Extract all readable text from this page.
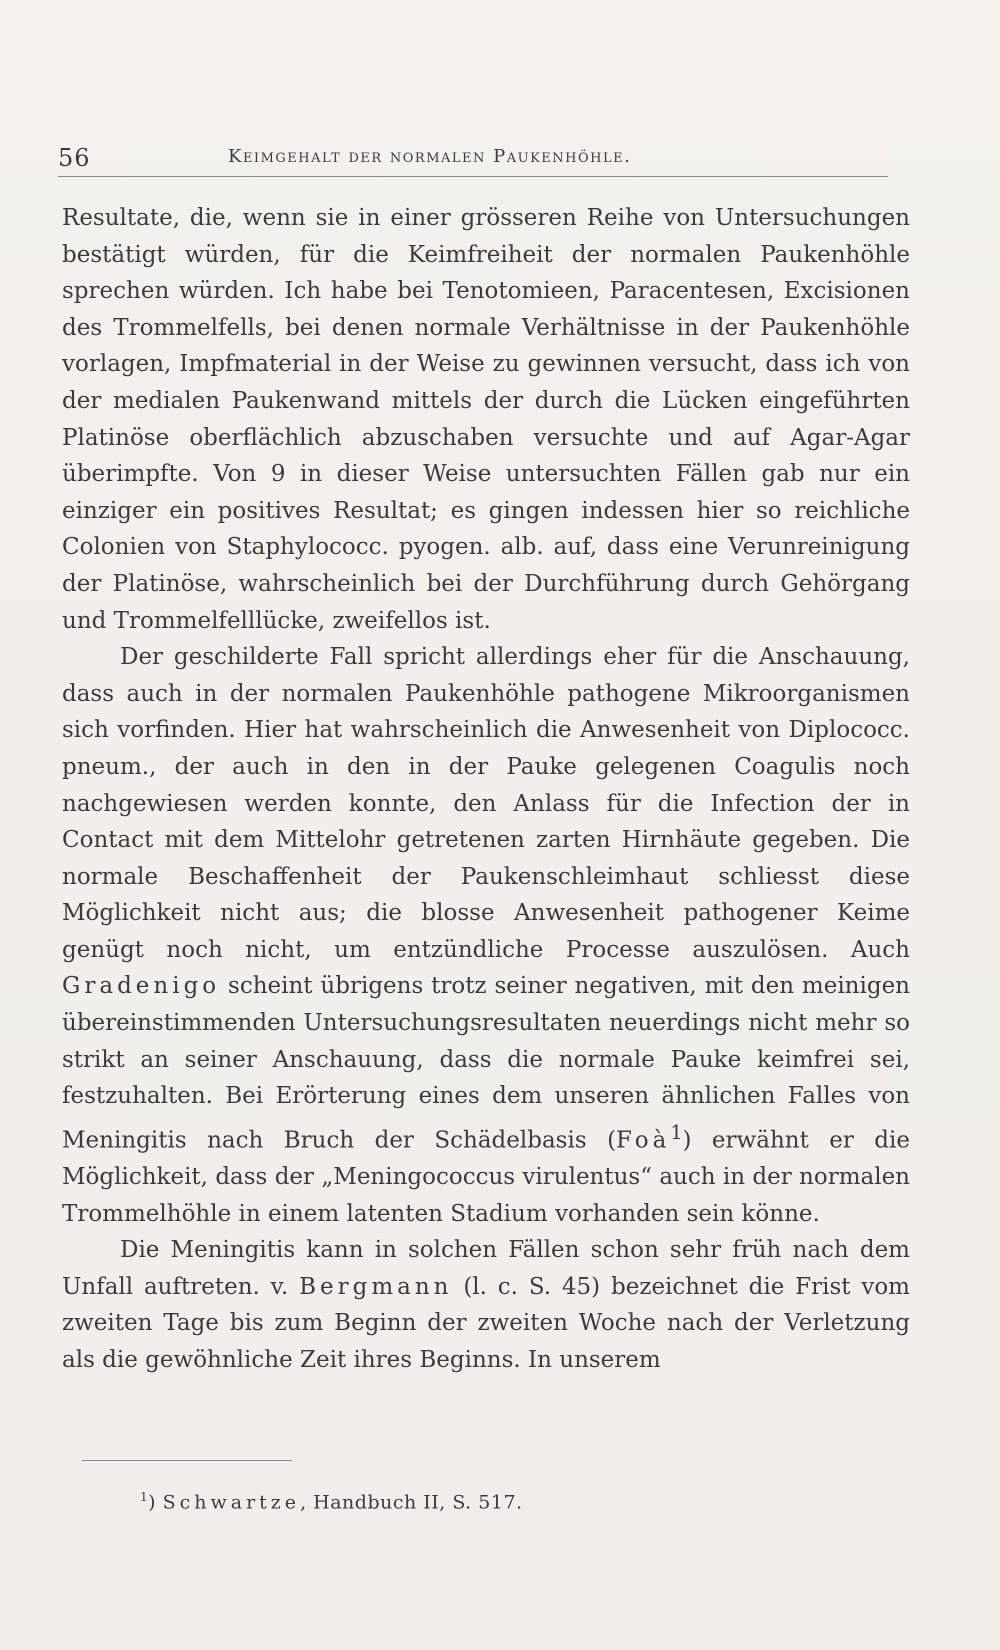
56	Keimgehalt der normalen Paukenhöhle.

Resultate, die, wenn sie in einer grösseren Reihe von Untersuchungen bestätigt würden, für die Keimfreiheit der normalen Paukenhöhle sprechen würden. Ich habe bei Tenotomieen, Paracentesen, Excisionen des Trommelfells, bei denen normale Verhältnisse in der Paukenhöhle vorlagen, Impfmaterial in der Weise zu gewinnen versucht, dass ich von der medialen Paukenwand mittels der durch die Lücken eingeführten Platinöse oberflächlich abzuschaben versuchte und auf Agar-Agar überimpfte. Von 9 in dieser Weise untersuchten Fällen gab nur ein einziger ein positives Resultat; es gingen indessen hier so reichliche Colonien von Staphylococc. pyogen. alb. auf, dass eine Verunreinigung der Platinöse, wahrscheinlich bei der Durchführung durch Gehörgang und Trommelfelllücke, zweifellos ist.

Der geschilderte Fall spricht allerdings eher für die Anschauung, dass auch in der normalen Paukenhöhle pathogene Mikroorganismen sich vorfinden. Hier hat wahrscheinlich die Anwesenheit von Diplococc. pneum., der auch in den in der Pauke gelegenen Coagulis noch nachgewiesen werden konnte, den Anlass für die Infection der in Contact mit dem Mittelohr getretenen zarten Hirnhäute gegeben. Die normale Beschaffenheit der Paukenschleimhaut schliesst diese Möglichkeit nicht aus; die blosse Anwesenheit pathogener Keime genügt noch nicht, um entzündliche Processe auszulösen. Auch Gradenigo scheint übrigens trotz seiner negativen, mit den meinigen übereinstimmenden Untersuchungsresultaten neuerdings nicht mehr so strikt an seiner Anschauung, dass die normale Pauke keimfrei sei, festzuhalten. Bei Erörterung eines dem unseren ähnlichen Falles von Meningitis nach Bruch der Schädelbasis (Foà$^1$) erwähnt er die Möglichkeit, dass der „Meningococcus virulentus“ auch in der normalen Trommelhöhle in einem latenten Stadium vorhanden sein könne.

Die Meningitis kann in solchen Fällen schon sehr früh nach dem Unfall auftreten. v. Bergmann (l. c. S. 45) bezeichnet die Frist vom zweiten Tage bis zum Beginn der zweiten Woche nach der Verletzung als die gewöhnliche Zeit ihres Beginns. In unserem

$^1$) Schwartze, Handbuch II, S. 517.
